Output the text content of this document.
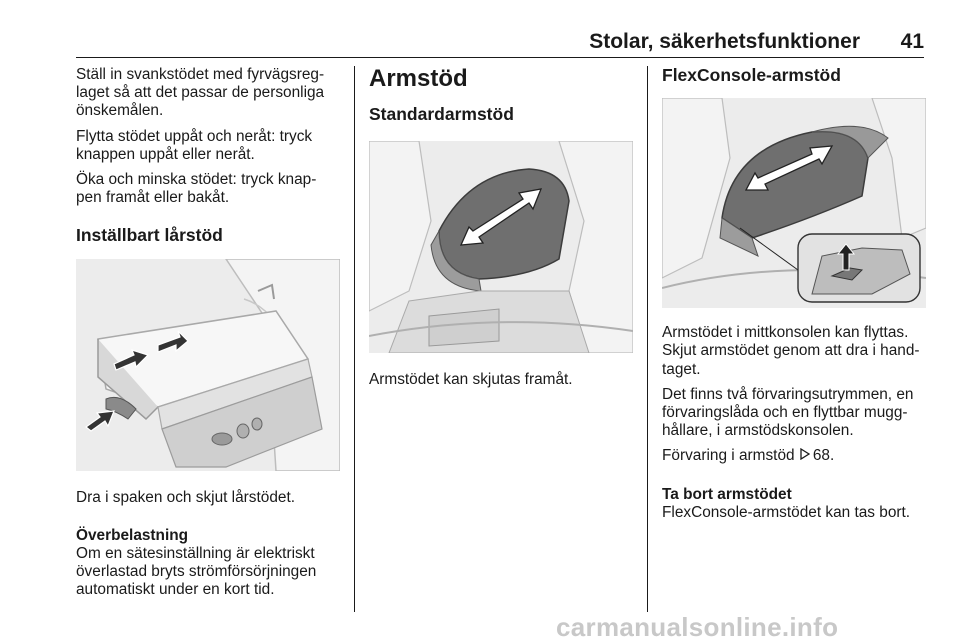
Stolar, säkerhetsfunktioner 41

Ställ in svankstödet med fyrvägsreg-
laget så att det passar de personliga
önskemålen.

Flytta stödet uppåt och neråt: tryck
knappen uppåt eller neråt.

Öka och minska stödet: tryck knap-
pen framåt eller bakåt.

Inställbart lårstöd

Dra i spaken och skjut lårstödet.

Överbelastning

Om en sätesinställning är elektriskt
överlastad bryts strömförsörjningen
automatiskt under en kort tid.

Armstöd

Standardarmstöd

Armstödet kan skjutas framåt.

FlexConsole-armstöd

Armstödet i mittkonsolen kan flyttas.
Skjut armstödet genom att dra i hand-
taget.

Det finns två förvaringsutrymmen, en
förvaringslåda och en flyttbar mugg-
hållare, i armstödskonsolen.

Förvaring i armstöd 68.

Ta bort armstödet

FlexConsole-armstödet kan tas bort.

carmanualsonline.info
